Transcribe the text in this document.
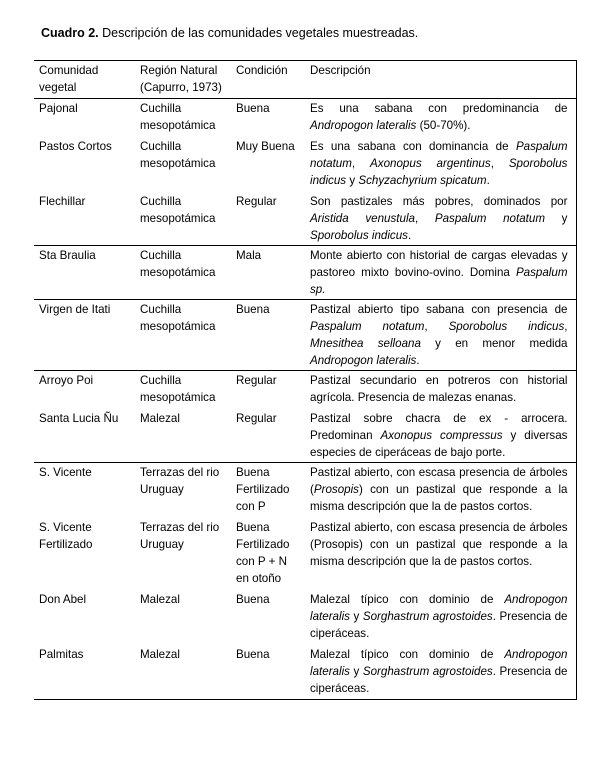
Cuadro 2. Descripción de las comunidades vegetales muestreadas.
Comunidad vegetal	Región Natural (Capurro, 1973)	Condición	Descripción
Pajonal	Cuchilla mesopotámica	Buena	Es una sabana con predominancia de Andropogon lateralis (50-70%).
Pastos Cortos	Cuchilla mesopotámica	Muy Buena	Es una sabana con dominancia de Paspalum notatum, Axonopus argentinus, Sporobolus indicus y Schyzachyrium spicatum.
Flechillar	Cuchilla mesopotámica	Regular	Son pastizales más pobres, dominados por Aristida venustula, Paspalum notatum y Sporobolus indicus.
Sta Braulia	Cuchilla mesopotámica	Mala	Monte abierto con historial de cargas elevadas y pastoreo mixto bovino-ovino. Domina Paspalum sp.
Virgen de Itati	Cuchilla mesopotámica	Buena	Pastizal abierto tipo sabana con presencia de Paspalum notatum, Sporobolus indicus, Mnesithea selloana y en menor medida Andropogon lateralis.
Arroyo Poi	Cuchilla mesopotámica	Regular	Pastizal secundario en potreros con historial agrícola. Presencia de malezas enanas.
Santa Lucia Ñu	Malezal	Regular	Pastizal sobre chacra de ex - arrocera. Predominan Axonopus compressus y diversas especies de ciperáceas de bajo porte.
S. Vicente	Terrazas del rio Uruguay	Buena Fertilizado con P	Pastizal abierto, con escasa presencia de árboles (Prosopis) con un pastizal que responde a la misma descripción que la de pastos cortos.
S. Vicente Fertilizado	Terrazas del rio Uruguay	Buena Fertilizado con P + N en otoño	Pastizal abierto, con escasa presencia de árboles (Prosopis) con un pastizal que responde a la misma descripción que la de pastos cortos.
Don Abel	Malezal	Buena	Malezal típico con dominio de Andropogon lateralis y Sorghastrum agrostoides. Presencia de ciperáceas.
Palmitas	Malezal	Buena	Malezal típico con dominio de Andropogon lateralis y Sorghastrum agrostoides. Presencia de ciperáceas.
